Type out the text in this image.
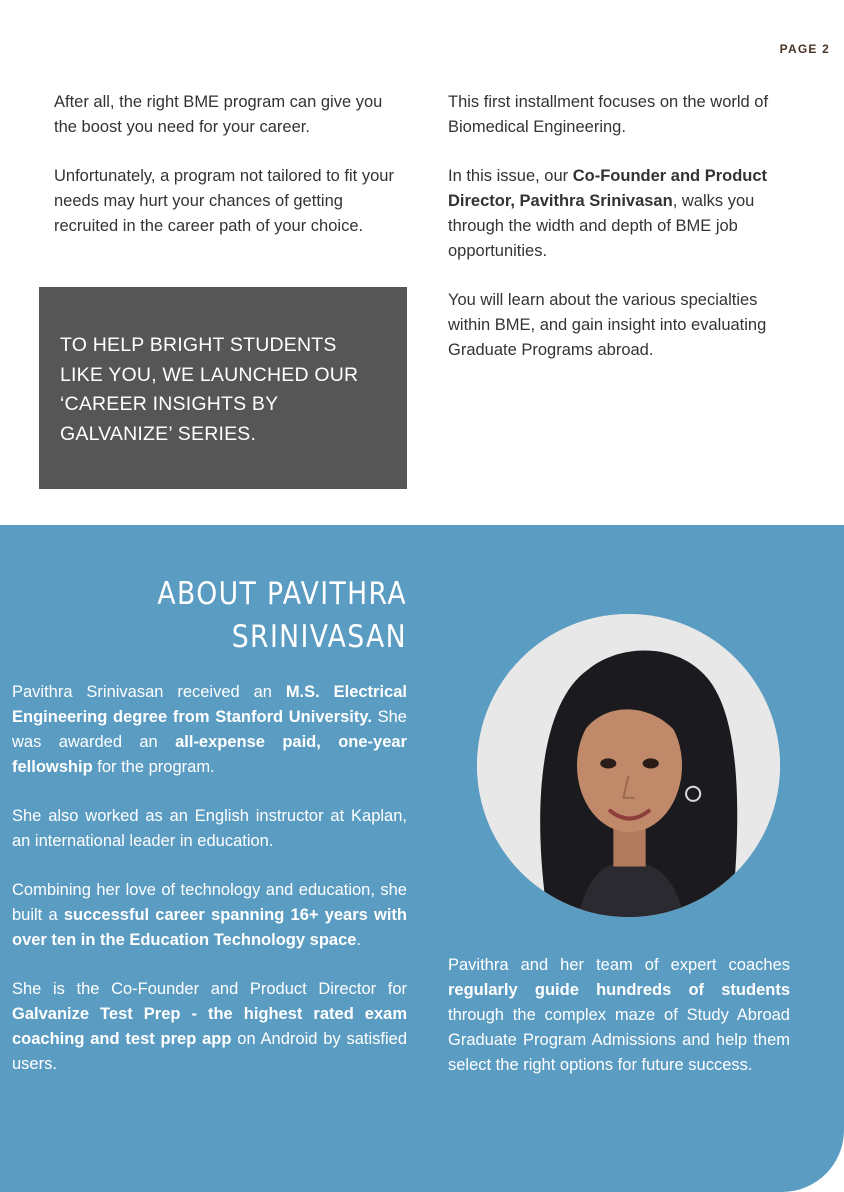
PAGE 2

After all, the right BME program can give you the boost you need for your career.

Unfortunately, a program not tailored to fit your needs may hurt your chances of getting recruited in the career path of your choice.

TO HELP BRIGHT STUDENTS LIKE YOU, WE LAUNCHED OUR ‘CAREER INSIGHTS BY GALVANIZE’ SERIES.

This first installment focuses on the world of Biomedical Engineering.

In this issue, our Co-Founder and Product Director, Pavithra Srinivasan, walks you through the width and depth of BME job opportunities.

You will learn about the various specialties within BME, and gain insight into evaluating Graduate Programs abroad.

ABOUT PAVITHRA SRINIVASAN

Pavithra Srinivasan received an M.S. Electrical Engineering degree from Stanford University. She was awarded an all-expense paid, one-year fellowship for the program.

She also worked as an English instructor at Kaplan, an international leader in education.

Combining her love of technology and education, she built a successful career spanning 16+ years with over ten in the Education Technology space.

She is the Co-Founder and Product Director for Galvanize Test Prep - the highest rated exam coaching and test prep app on Android by satisfied users.

Pavithra and her team of expert coaches regularly guide hundreds of students through the complex maze of Study Abroad Graduate Program Admissions and help them select the right options for future success.
